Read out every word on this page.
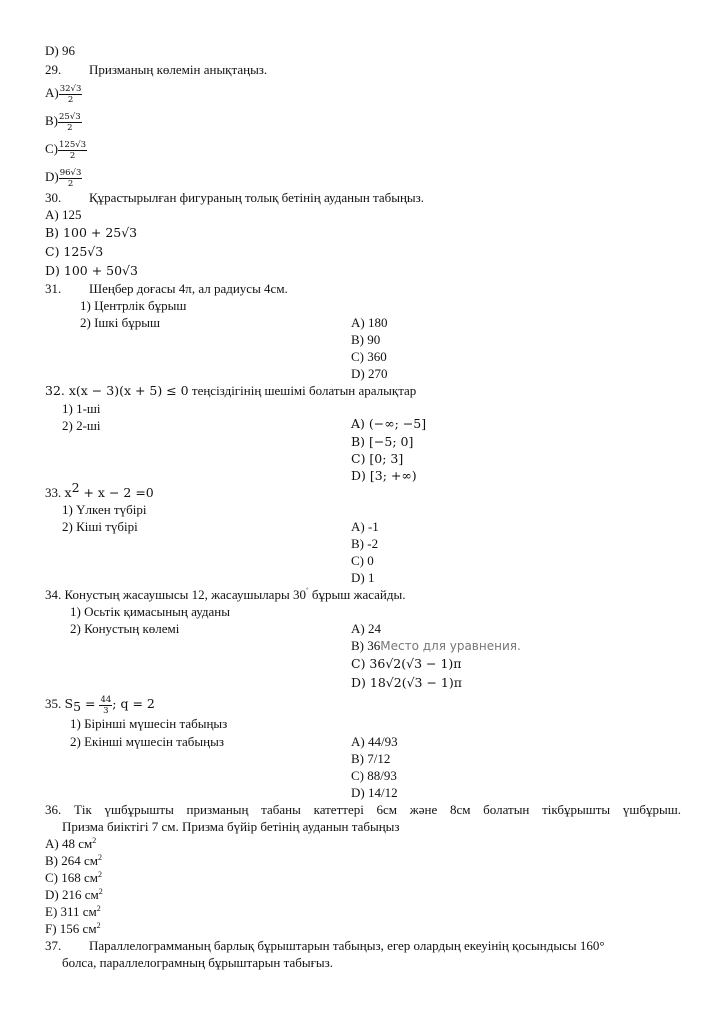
D) 96
29. Призманың көлемін анықтаңыз.
$A) \frac{32√3}{2}$
$B) \frac{25√3}{2}$
$C) \frac{125√3}{2}$
$D) \frac{96√3}{2}$
30. Құрастырылған фигураның толық бетінің ауданын табыңыз.
A) 125
B) 100 + 25√3
C) 125√3
D) 100 + 50√3
31. Шеңбер доғасы 4π, ал радиусы 4см.
1) Центрлік бұрыш
2) Ішкі бұрыш	A) 180
B) 90
C) 360
D) 270
32. x(x − 3)(x + 5) ≤ 0 теңсіздігінің шешімі болатын аралықтар
1) 1-ші
2) 2-ші	A) (−∞; −5]
B) [−5; 0]
C) [0; 3]
D) [3; +∞)
33. $x^2 + x - 2 =0$
1) Үлкен түбірі
2) Кіші түбірі	A) -1
B) -2
C) 0
D) 1
34. Конустың жасаушысы 12, жасаушылары 30˚ бұрыш жасайды.
1) Осьтік қимасының ауданы
2) Конустың көлемі	A) 24
B) 36Место для уравнения.
C) 36√2(√3 − 1)π
D) 18√2(√3 − 1)π
35. $S_5 = \frac{44}{3}$ ; q = 2
1) Бірінші мүшесін табыңыз
2) Екінші мүшесін табыңыз	A) 44/93
B) 7/12
C) 88/93
D) 14/12
36. Тік үшбұрышты призманың табаны катеттері 6см және 8см болатын тікбұрышты үшбұрыш.
Призма биіктігі 7 см. Призма бүйір бетінің ауданын табыңыз
A) 48 $см^2$
B) 264 $см^2$
C) 168 $см^2$
D) 216 $см^2$
E) 311 $см^2$
F) 156 $см^2$
37. Параллелограмманың барлық бұрыштарын табыңыз, егер олардың екеуінің қосындысы 160°
болса, параллелограмның бұрыштарын табығыз.
